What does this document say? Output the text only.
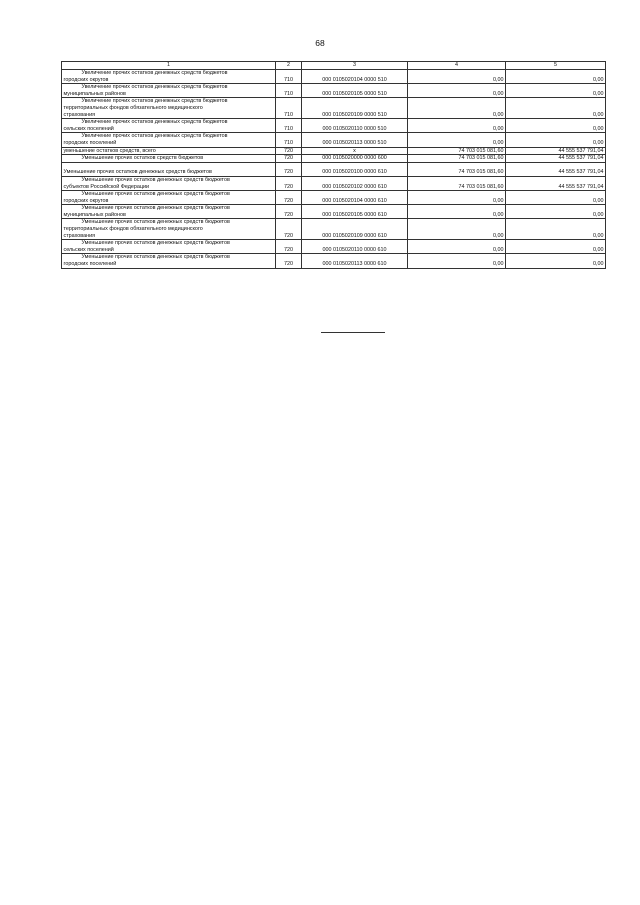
68
1	2	3	4	5

Увеличение прочих остатков денежных средств бюджетов
городских округов	710	000 0105020104 0000 510	0,00	0,00

Увеличение прочих остатков денежных средств бюджетов
муниципальных районов	710	000 0105020105 0000 510	0,00	0,00

Увеличение прочих остатков денежных средств бюджетов
территориальных фондов обязательного медицинского
страхования	710	000 0105020109 0000 510	0,00	0,00

Увеличение прочих остатков денежных средств бюджетов
сельских поселений	710	000 0105020110 0000 510	0,00	0,00

Увеличение прочих остатков денежных средств бюджетов
городских поселений	710	000 0105020113 0000 510	0,00	0,00

уменьшение остатков средств, всего	720	x	74 703 015 081,60	44 555 537 791,04

Уменьшение прочих остатков средств бюджетов	720	000 0105020000 0000 600	74 703 015 081,60	44 555 537 791,04

Уменьшение прочих остатков денежных средств бюджетов	720	000 0105020100 0000 610	74 703 015 081,60	44 555 537 791,04

Уменьшение прочих остатков денежных средств бюджетов
субъектов Российской Федерации	720	000 0105020102 0000 610	74 703 015 081,60	44 555 537 791,04

Уменьшение прочих остатков денежных средств бюджетов
городских округов	720	000 0105020104 0000 610	0,00	0,00

Уменьшение прочих остатков денежных средств бюджетов
муниципальных районов	720	000 0105020105 0000 610	0,00	0,00

Уменьшение прочих остатков денежных средств бюджетов
территориальных фондов обязательного медицинского
страхования	720	000 0105020109 0000 610	0,00	0,00

Уменьшение прочих остатков денежных средств бюджетов
сельских поселений	720	000 0105020110 0000 610	0,00	0,00

Уменьшение прочих остатков денежных средств бюджетов
городских поселений	720	000 0105020113 0000 610	0,00	0,00
